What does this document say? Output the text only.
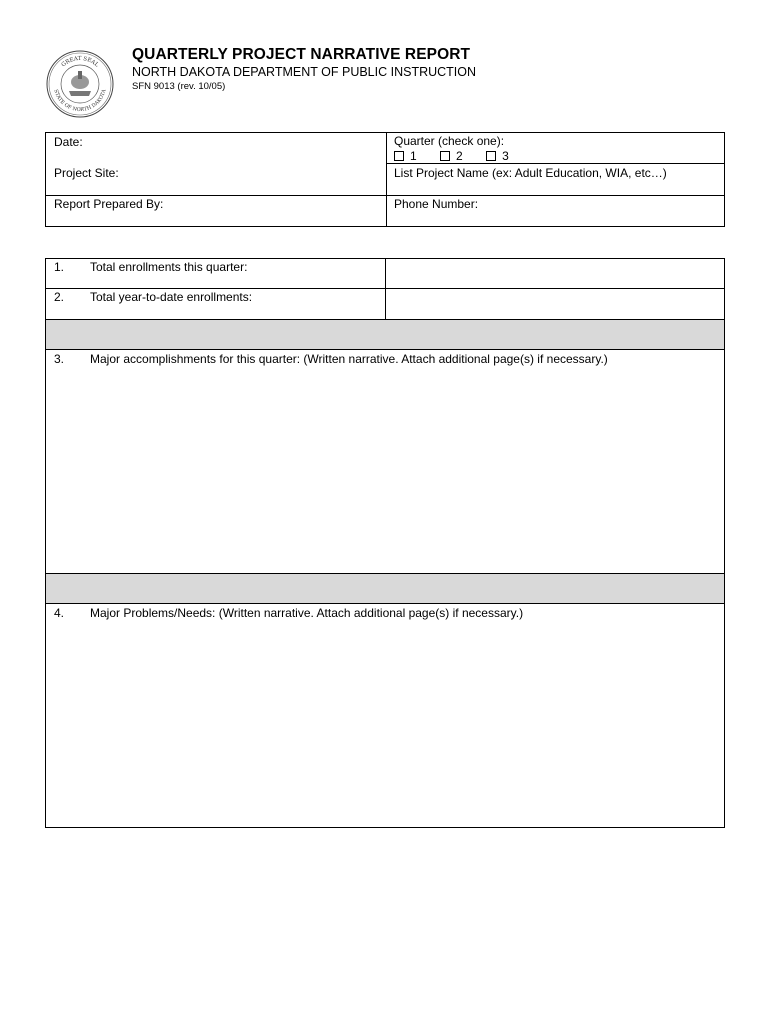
GREAT SEAL
STATE OF NORTH DAKOTA
QUARTERLY PROJECT NARRATIVE REPORT
NORTH DAKOTA DEPARTMENT OF PUBLIC INSTRUCTION
SFN 9013 (rev. 10/05)
Date:	Quarter (check one):
1	2	3
Project Site:	List Project Name (ex: Adult Education, WIA, etc…)
Report Prepared By:	Phone Number:
1. Total enrollments this quarter:
2. Total year-to-date enrollments:
3. Major accomplishments for this quarter: (Written narrative. Attach additional page(s) if necessary.)
4. Major Problems/Needs: (Written narrative. Attach additional page(s) if necessary.)
